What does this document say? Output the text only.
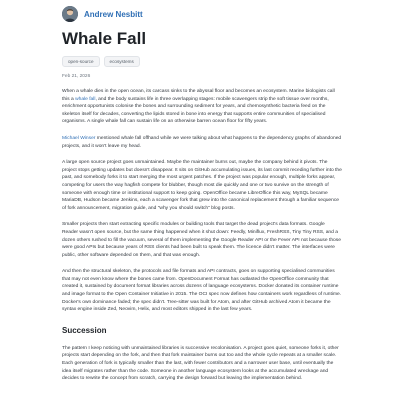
Andrew Nesbitt
Whale Fall
open-source	ecosystems
Feb 21, 2026

When a whale dies in the open ocean, its carcass sinks to the abyssal floor and becomes an ecosystem. Marine biologists call this a whale fall, and the body sustains life in three overlapping stages: mobile scavengers strip the soft tissue over months, enrichment opportunists colonise the bones and surrounding sediment for years, and chemosynthetic bacteria feed on the skeleton itself for decades, converting the lipids stored in bone into energy that supports entire communities of specialised organisms. A single whale fall can sustain life on an otherwise barren ocean floor for fifty years.

Michael Winser mentioned whale fall offhand while we were talking about what happens to the dependency graphs of abandoned projects, and it won't leave my head.

A large open source project goes unmaintained. Maybe the maintainer burns out, maybe the company behind it pivots. The project stops getting updates but doesn't disappear. It sits on GitHub accumulating issues, its last commit receding further into the past, and somebody forks it to start merging the most urgent patches. If the project was popular enough, multiple forks appear, competing for users the way hagfish compete for blubber, though most die quickly and one or two survive on the strength of someone with enough time or institutional support to keep going. OpenOffice became LibreOffice this way, MySQL became MariaDB, Hudson became Jenkins, each a scavenger fork that grew into the canonical replacement through a familiar sequence of fork announcement, migration guide, and "why you should switch" blog posts.

Smaller projects then start extracting specific modules or building tools that target the dead project's data formats. Google Reader wasn't open source, but the same thing happened when it shut down: Feedly, Miniflux, FreshRSS, Tiny Tiny RSS, and a dozen others rushed to fill the vacuum, several of them implementing the Google Reader API or the Fever API not because those were good APIs but because years of RSS clients had been built to speak them. The licence didn't matter. The interfaces were public, other software depended on them, and that was enough.

And then the structural skeleton, the protocols and file formats and API contracts, goes on supporting specialised communities that may not even know where the bones came from. OpenDocument Format has outlasted the OpenOffice community that created it, sustained by document format libraries across dozens of language ecosystems. Docker donated its container runtime and image format to the Open Container Initiative in 2015. The OCI spec now defines how containers work regardless of runtime. Docker's own dominance faded; the spec didn't. Tree-sitter was built for Atom, and after GitHub archived Atom it became the syntax engine inside Zed, Neovim, Helix, and most editors shipped in the last few years.

Succession

The pattern I keep noticing with unmaintained libraries is successive recolonisation. A project goes quiet, someone forks it, other projects start depending on the fork, and then that fork maintainer burns out too and the whole cycle repeats at a smaller scale. Each generation of fork is typically smaller than the last, with fewer contributors and a narrower user base, until eventually the idea itself migrates rather than the code. Someone in another language ecosystem looks at the accumulated wreckage and decides to rewrite the concept from scratch, carrying the design forward but leaving the implementation behind.
